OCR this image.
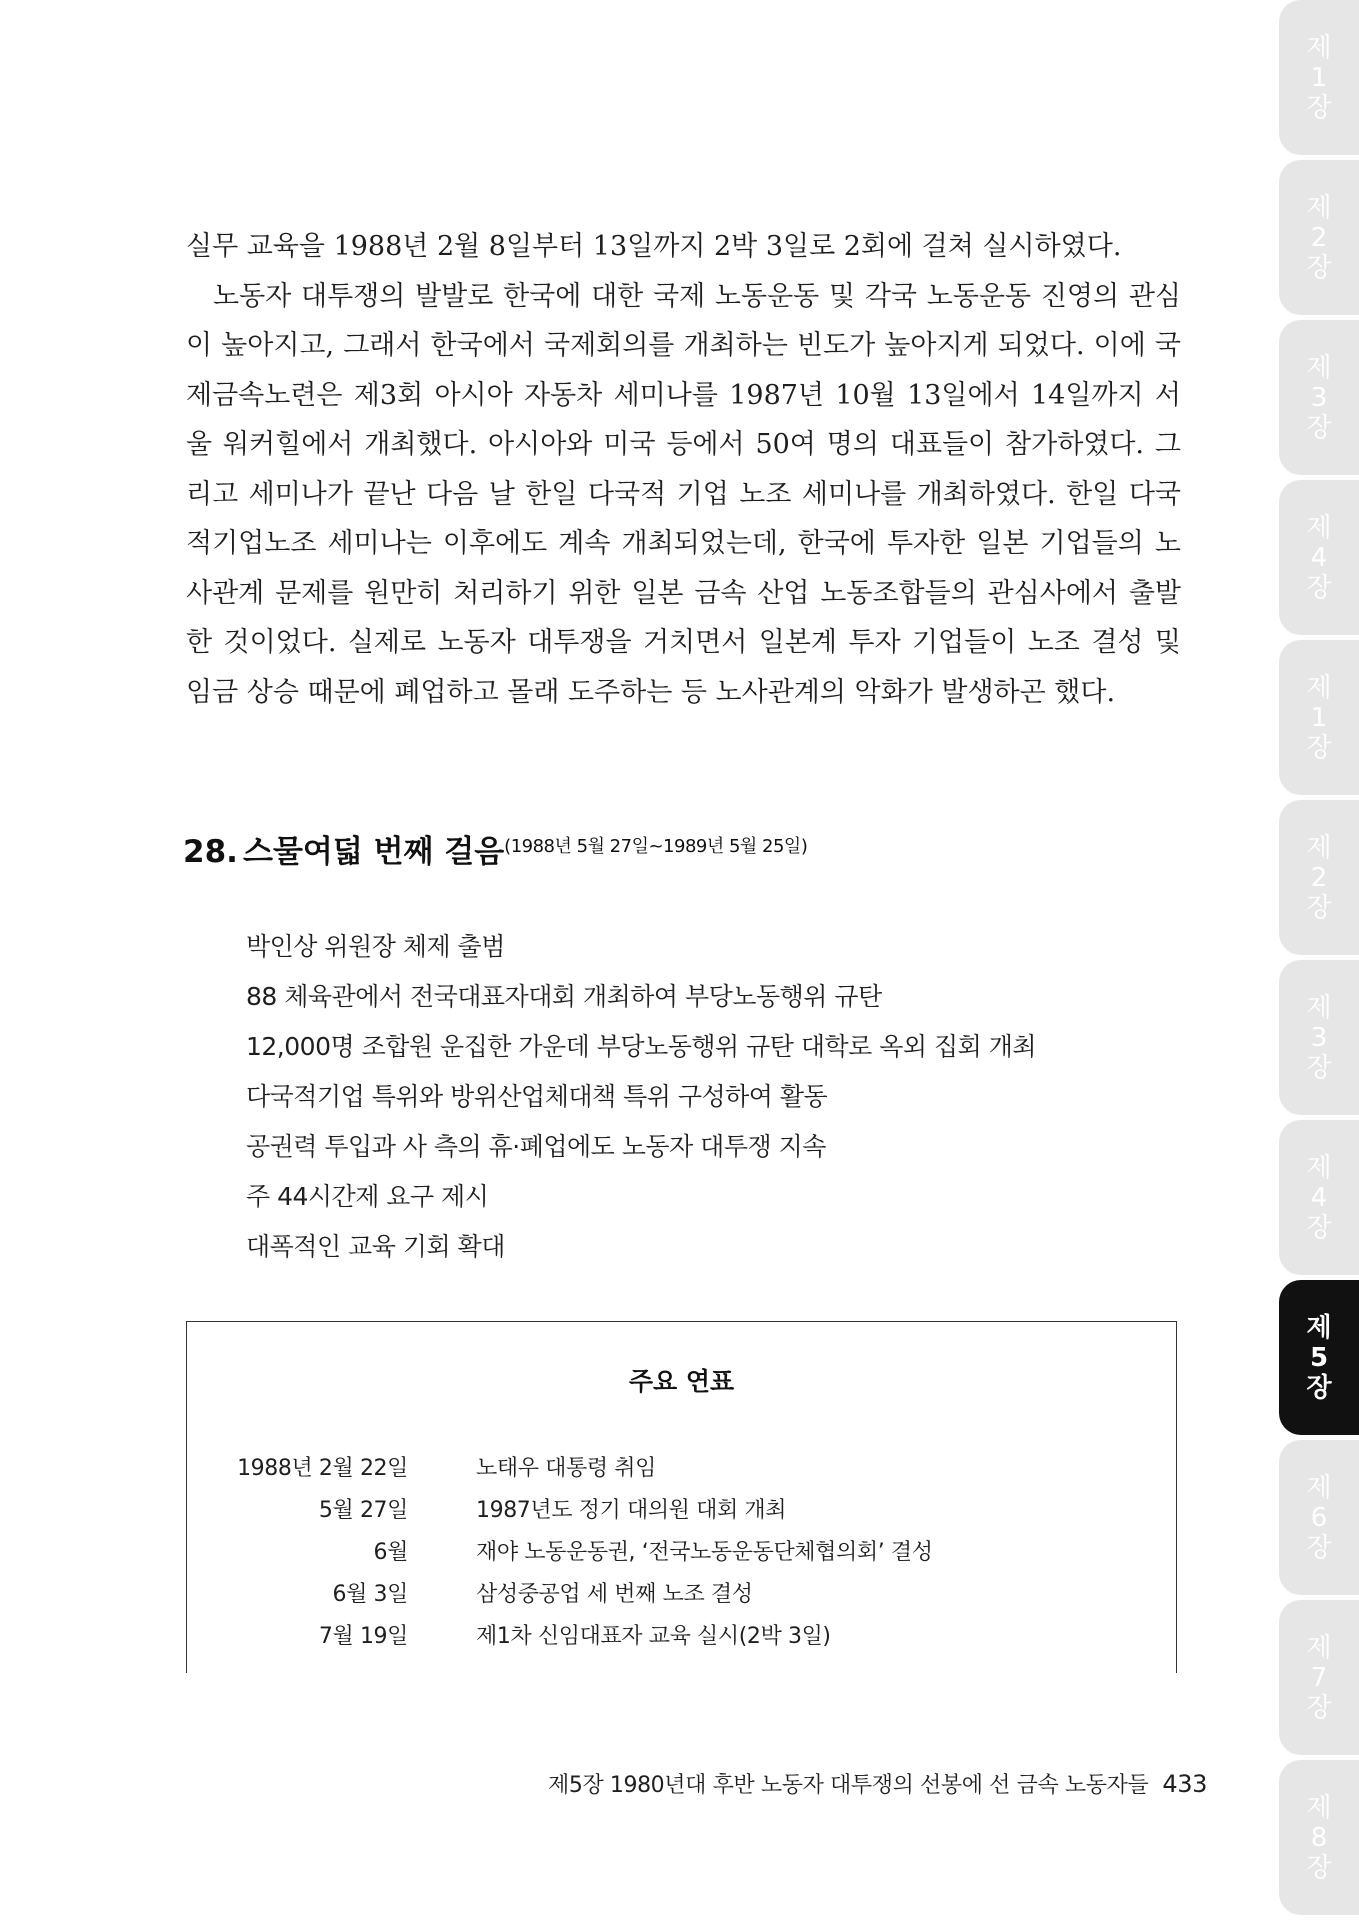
실무 교육을 1988년 2월 8일부터 13일까지 2박 3일로 2회에 걸쳐 실시하였다.

노동자 대투쟁의 발발로 한국에 대한 국제 노동운동 및 각국 노동운동 진영의 관심이 높아지고, 그래서 한국에서 국제회의를 개최하는 빈도가 높아지게 되었다. 이에 국제금속노련은 제3회 아시아 자동차 세미나를 1987년 10월 13일에서 14일까지 서울 워커힐에서 개최했다. 아시아와 미국 등에서 50여 명의 대표들이 참가하였다. 그리고 세미나가 끝난 다음 날 한일 다국적 기업 노조 세미나를 개최하였다. 한일 다국적기업노조 세미나는 이후에도 계속 개최되었는데, 한국에 투자한 일본 기업들의 노사관계 문제를 원만히 처리하기 위한 일본 금속 산업 노동조합들의 관심사에서 출발한 것이었다. 실제로 노동자 대투쟁을 거치면서 일본계 투자 기업들이 노조 결성 및 임금 상승 때문에 폐업하고 몰래 도주하는 등 노사관계의 악화가 발생하곤 했다.

28. 스물여덟 번째 걸음(1988년 5월 27일~1989년 5월 25일)
박인상 위원장 체제 출범
88 체육관에서 전국대표자대회 개최하여 부당노동행위 규탄
12,000명 조합원 운집한 가운데 부당노동행위 규탄 대학로 옥외 집회 개최
다국적기업 특위와 방위산업체대책 특위 구성하여 활동
공권력 투입과 사 측의 휴·폐업에도 노동자 대투쟁 지속
주 44시간제 요구 제시
대폭적인 교육 기회 확대
주요 연표
1988년 2월 22일	노태우 대통령 취임
5월 27일	1987년도 정기 대의원 대회 개최
6월	재야 노동운동권, ‘전국노동운동단체협의회’ 결성
6월 3일	삼성중공업 세 번째 노조 결성
7월 19일	제1차 신임대표자 교육 실시(2박 3일)
제5장 1980년대 후반 노동자 대투쟁의 선봉에 선 금속 노동자들 433
제
1
장
제
2
장
제
3
장
제
4
장
제
1
장
제
2
장
제
3
장
제
4
장
제
5
장
제
6
장
제
7
장
제
8
장
